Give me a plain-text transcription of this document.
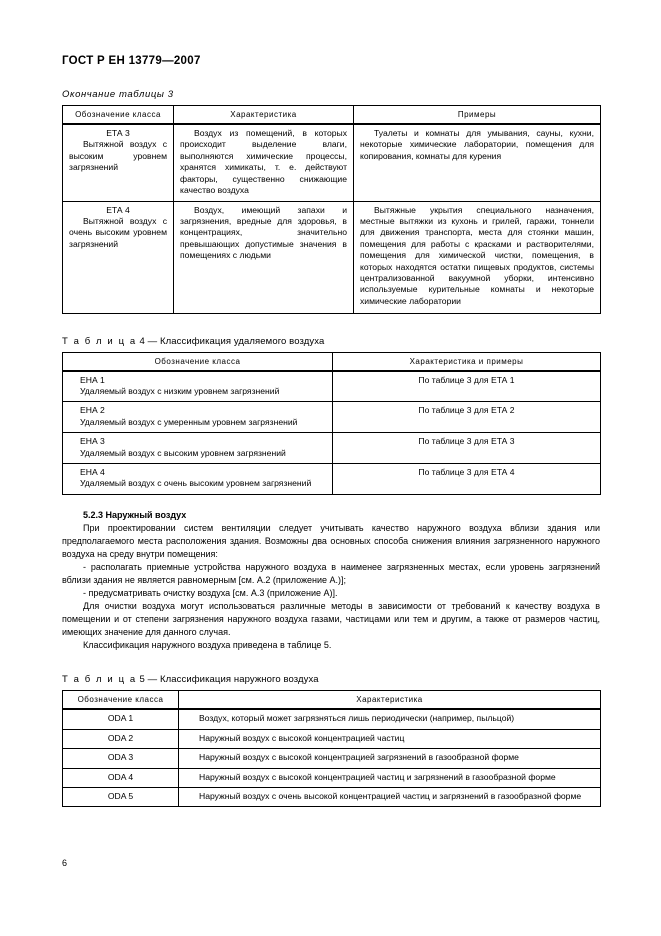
ГОСТ Р ЕН 13779—2007
Окончание таблицы 3
Обозначение класса	Характеристика	Примеры

ЕТА 3
Вытяжной воздух с высоким уровнем загрязнений	Воздух из помещений, в которых происходит выделение влаги, выполняются химические процессы, хранятся химикаты, т. е. действуют факторы, существенно снижающие качество воздуха	Туалеты и комнаты для умывания, сауны, кухни, некоторые химические лаборатории, помещения для копирования, комнаты для курения

ЕТА 4
Вытяжной воздух с очень высоким уровнем загрязнений	Воздух, имеющий запахи и загрязнения, вредные для здоровья, в концентрациях, значительно превышающих допустимые значения в помещениях с людьми	Вытяжные укрытия специального назначения, местные вытяжки из кухонь и грилей, гаражи, тоннели для движения транспорта, места для стоянки машин, помещения для работы с красками и растворителями, помещения для химической чистки, помещения, в которых находятся остатки пищевых продуктов, системы централизованной вакуумной уборки, интенсивно используемые курительные комнаты и некоторые химические лаборатории
Т а б л и ц а 4 — Классификация удаляемого воздуха
Обозначение класса	Характеристика и примеры

ЕНА 1
Удаляемый воздух с низким уровнем загрязнений	По таблице 3 для ЕТА 1

ЕНА 2
Удаляемый воздух с умеренным уровнем загрязнений	По таблице 3 для ЕТА 2

ЕНА 3
Удаляемый воздух с высоким уровнем загрязнений	По таблице 3 для ЕТА 3

ЕНА 4
Удаляемый воздух с очень высоким уровнем загрязнений	По таблице 3 для ЕТА 4
5.2.3 Наружный воздух

При проектировании систем вентиляции следует учитывать качество наружного воздуха вблизи здания или предполагаемого места расположения здания. Возможны два основных способа снижения влияния загрязненного наружного воздуха на среду внутри помещения:

- располагать приемные устройства наружного воздуха в наименее загрязненных местах, если уровень загрязнений вблизи здания не является равномерным [см. А.2 (приложение А.)];

- предусматривать очистку воздуха [см. А.3 (приложение А)].

Для очистки воздуха могут использоваться различные методы в зависимости от требований к качеству воздуха в помещении и от степени загрязнения наружного воздуха газами, частицами или тем и другим, а также от размеров частиц, имеющих значение для данного случая.

Классификация наружного воздуха приведена в таблице 5.

Т а б л и ц а 5 — Классификация наружного воздуха
Обозначение класса	Характеристика
ODA 1	Воздух, который может загрязняться лишь периодически (например, пыльцой)

ODA 2	Наружный воздух с высокой концентрацией частиц

ODA 3	Наружный воздух с высокой концентрацией загрязнений в газообразной форме

ODA 4	Наружный воздух с высокой концентрацией частиц и загрязнений в газообразной форме

ODA 5	Наружный воздух с очень высокой концентрацией частиц и загрязнений в газообразной форме
6
